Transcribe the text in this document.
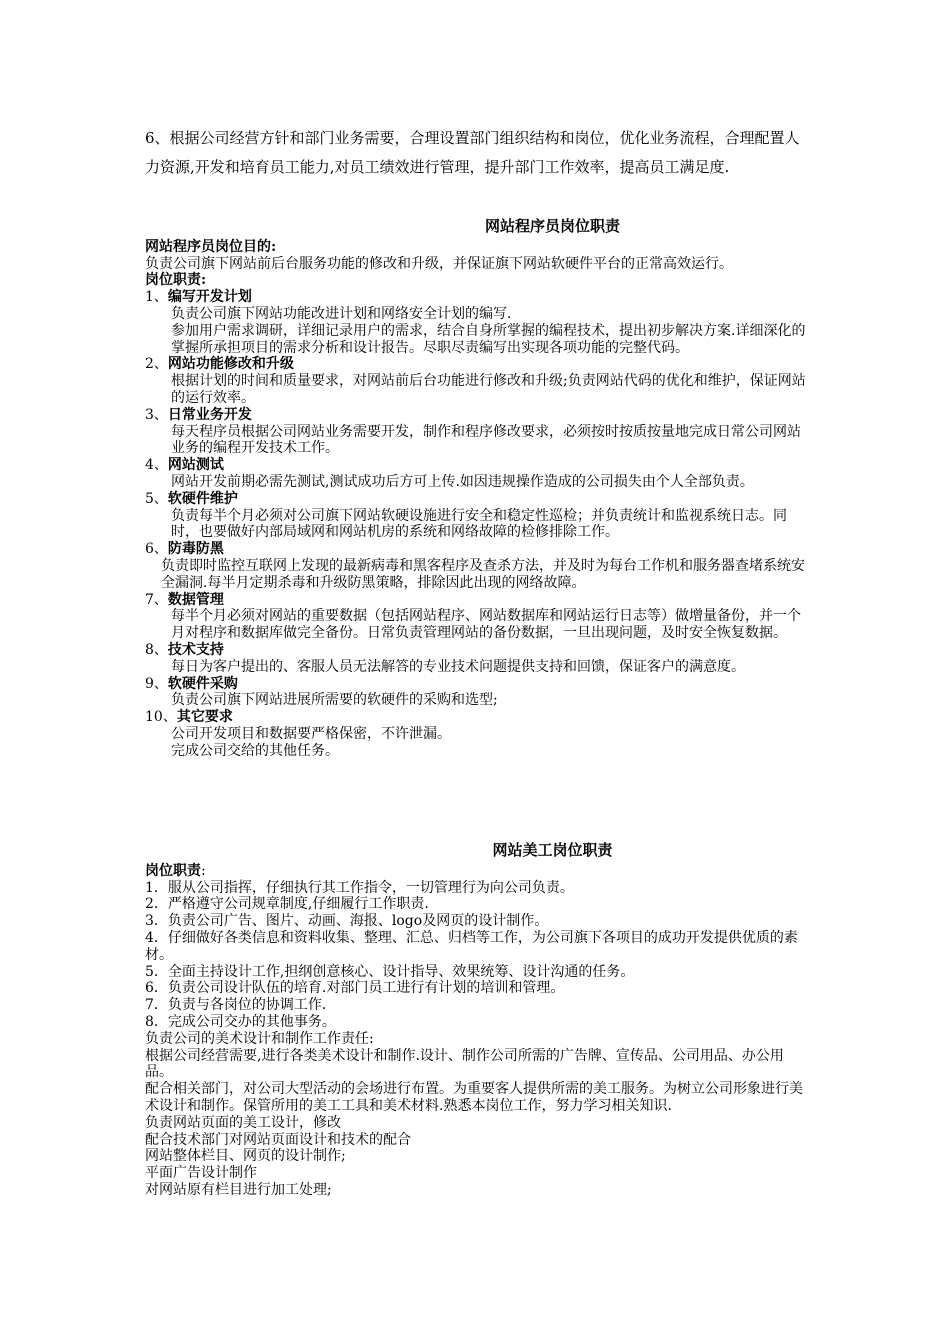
6、根据公司经营方针和部门业务需要，合理设置部门组织结构和岗位，优化业务流程，合理配置人力资源,开发和培育员工能力,对员工绩效进行管理，提升部门工作效率，提高员工满足度.

网站程序员岗位职责

网站程序员岗位目的:

负责公司旗下网站前后台服务功能的修改和升级，并保证旗下网站软硬件平台的正常高效运行。

岗位职责:

1、编写开发计划

负责公司旗下网站功能改进计划和网络安全计划的编写.

参加用户需求调研，详细记录用户的需求，结合自身所掌握的编程技术，提出初步解决方案.详细深化的掌握所承担项目的需求分析和设计报告。尽职尽责编写出实现各项功能的完整代码。

2、网站功能修改和升级

根据计划的时间和质量要求，对网站前后台功能进行修改和升级;负责网站代码的优化和维护，保证网站的运行效率。

3、日常业务开发

每天程序员根据公司网站业务需要开发，制作和程序修改要求，必须按时按质按量地完成日常公司网站业务的编程开发技术工作。

4、网站测试

网站开发前期必需先测试,测试成功后方可上传.如因违规操作造成的公司损失由个人全部负责。

5、软硬件维护

负责每半个月必须对公司旗下网站软硬设施进行安全和稳定性巡检；并负责统计和监视系统日志。同时，也要做好内部局域网和网站机房的系统和网络故障的检修排除工作。

6、防毒防黑

负责即时监控互联网上发现的最新病毒和黑客程序及查杀方法，并及时为每台工作机和服务器查堵系统安全漏洞.每半月定期杀毒和升级防黑策略，排除因此出现的网络故障。

7、数据管理

每半个月必须对网站的重要数据（包括网站程序、网站数据库和网站运行日志等）做增量备份，并一个月对程序和数据库做完全备份。日常负责管理网站的备份数据，一旦出现问题，及时安全恢复数据。

8、技术支持

每日为客户提出的、客服人员无法解答的专业技术问题提供支持和回馈，保证客户的满意度。

9、软硬件采购

负责公司旗下网站进展所需要的软硬件的采购和选型;

10、其它要求

公司开发项目和数据要严格保密，不许泄漏。

完成公司交给的其他任务。

网站美工岗位职责

岗位职责:

1．服从公司指挥，仔细执行其工作指令，一切管理行为向公司负责。

2．严格遵守公司规章制度,仔细履行工作职责.

3．负责公司广告、图片、动画、海报、logo及网页的设计制作。

4．仔细做好各类信息和资料收集、整理、汇总、归档等工作，为公司旗下各项目的成功开发提供优质的素材。

5．全面主持设计工作,担纲创意核心、设计指导、效果统筹、设计沟通的任务。

6．负责公司设计队伍的培育.对部门员工进行有计划的培训和管理。

7．负责与各岗位的协调工作.

8．完成公司交办的其他事务。

负责公司的美术设计和制作工作责任:

根据公司经营需要,进行各类美术设计和制作.设计、制作公司所需的广告牌、宣传品、公司用品、办公用品。

配合相关部门，对公司大型活动的会场进行布置。为重要客人提供所需的美工服务。为树立公司形象进行美术设计和制作。保管所用的美工工具和美术材料.熟悉本岗位工作，努力学习相关知识.

负责网站页面的美工设计，修改

配合技术部门对网站页面设计和技术的配合

网站整体栏目、网页的设计制作;

平面广告设计制作

对网站原有栏目进行加工处理;
